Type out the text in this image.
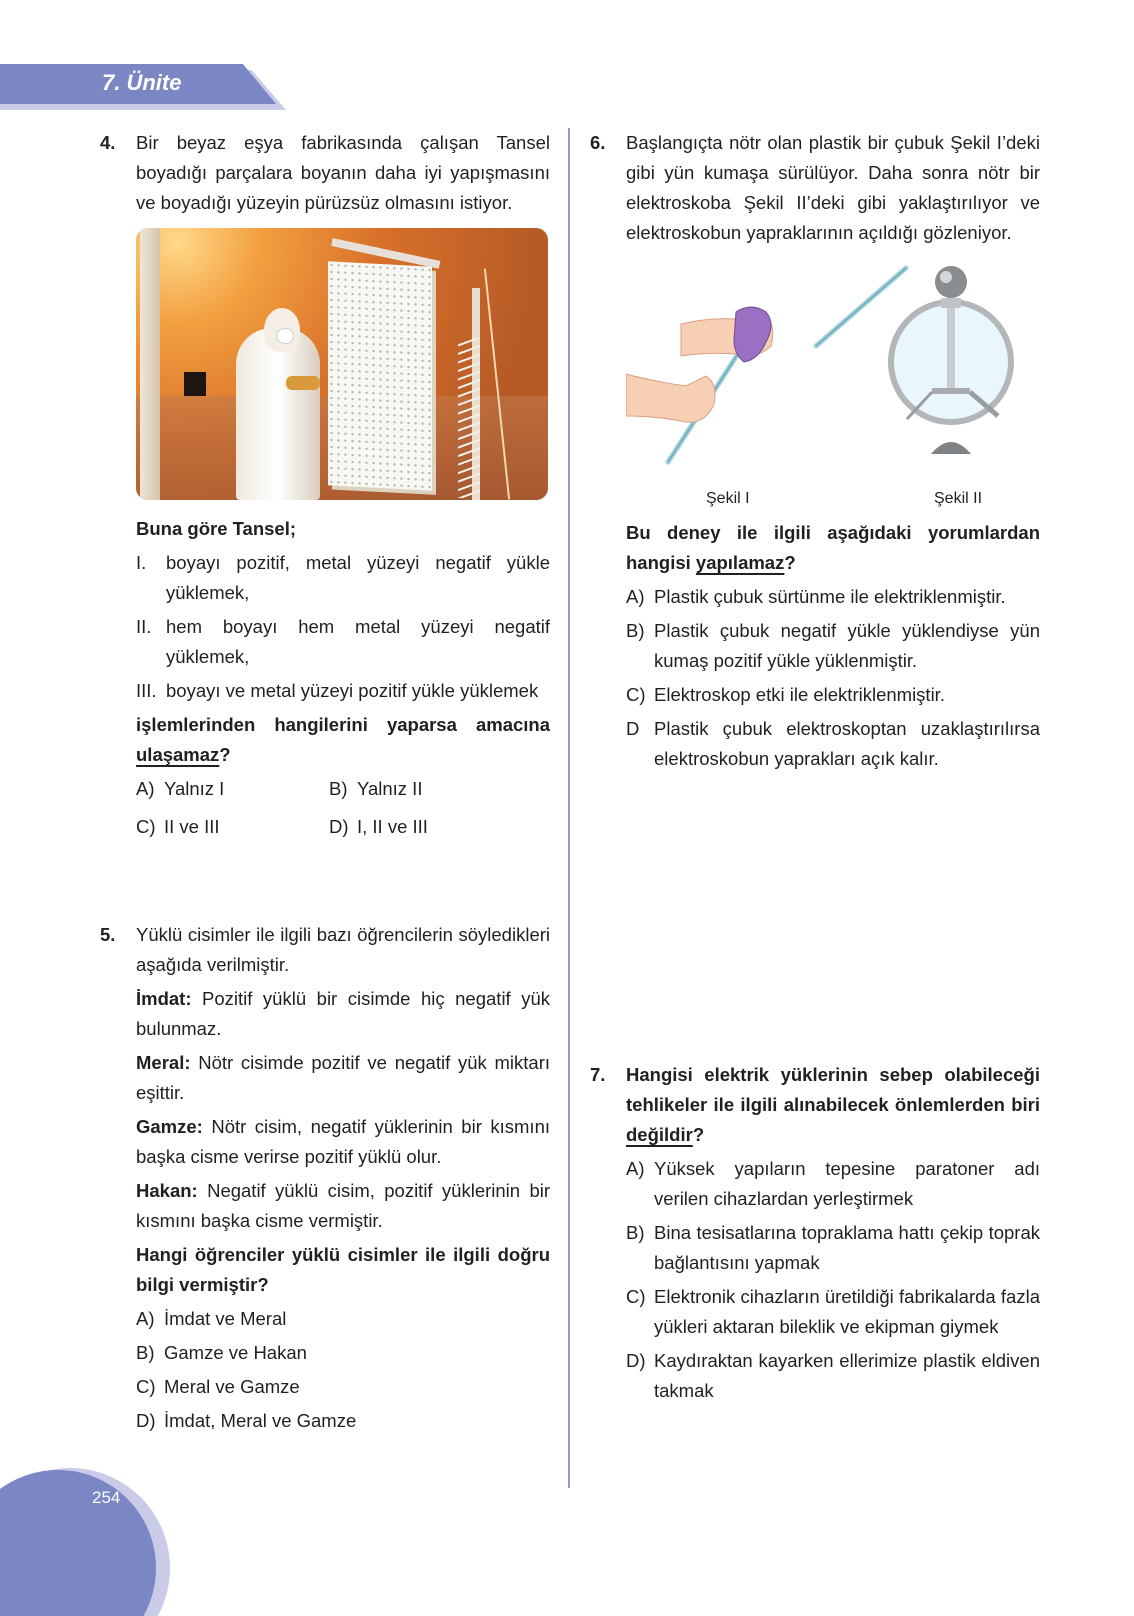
7. Ünite
4. Bir beyaz eşya fabrikasında çalışan Tansel boyadığı parçalara boyanın daha iyi yapışmasını ve boyadığı yüzeyin pürüzsüz olmasını istiyor.

Buna göre Tansel;

I. boyayı pozitif, metal yüzeyi negatif yükle yüklemek,
II. hem boyayı hem metal yüzeyi negatif yüklemek,
III. boyayı ve metal yüzeyi pozitif yükle yüklemek

işlemlerinden hangilerini yaparsa amacına ulaşamaz?

A) Yalnız I	B) Yalnız II
C) II ve III	D) I, II ve III
5. Yüklü cisimler ile ilgili bazı öğrencilerin söyledikleri aşağıda verilmiştir.

İmdat: Pozitif yüklü bir cisimde hiç negatif yük bulunmaz.

Meral: Nötr cisimde pozitif ve negatif yük miktarı eşittir.

Gamze: Nötr cisim, negatif yüklerinin bir kısmını başka cisme verirse pozitif yüklü olur.

Hakan: Negatif yüklü cisim, pozitif yüklerinin bir kısmını başka cisme vermiştir.

Hangi öğrenciler yüklü cisimler ile ilgili doğru bilgi vermiştir?

A) İmdat ve Meral
B) Gamze ve Hakan
C) Meral ve Gamze
D) İmdat, Meral ve Gamze
6. Başlangıçta nötr olan plastik bir çubuk Şekil I’deki gibi yün kumaşa sürülüyor. Daha sonra nötr bir elektroskoba Şekil II’deki gibi yaklaştırılıyor ve elektroskobun yapraklarının açıldığı gözleniyor.

Şekil I	Şekil II

Bu deney ile ilgili aşağıdaki yorumlardan hangisi yapılamaz?

A) Plastik çubuk sürtünme ile elektriklenmiştir.
B) Plastik çubuk negatif yükle yüklendiyse yün kumaş pozitif yükle yüklenmiştir.
C) Elektroskop etki ile elektriklenmiştir.
D Plastik çubuk elektroskoptan uzaklaştırılırsa elektroskobun yaprakları açık kalır.
7. Hangisi elektrik yüklerinin sebep olabileceği tehlikeler ile ilgili alınabilecek önlemlerden biri değildir?

A) Yüksek yapıların tepesine paratoner adı verilen cihazlardan yerleştirmek
B) Bina tesisatlarına topraklama hattı çekip toprak bağlantısını yapmak
C) Elektronik cihazların üretildiği fabrikalarda fazla yükleri aktaran bileklik ve ekipman giymek
D) Kaydıraktan kayarken ellerimize plastik eldiven takmak
254
